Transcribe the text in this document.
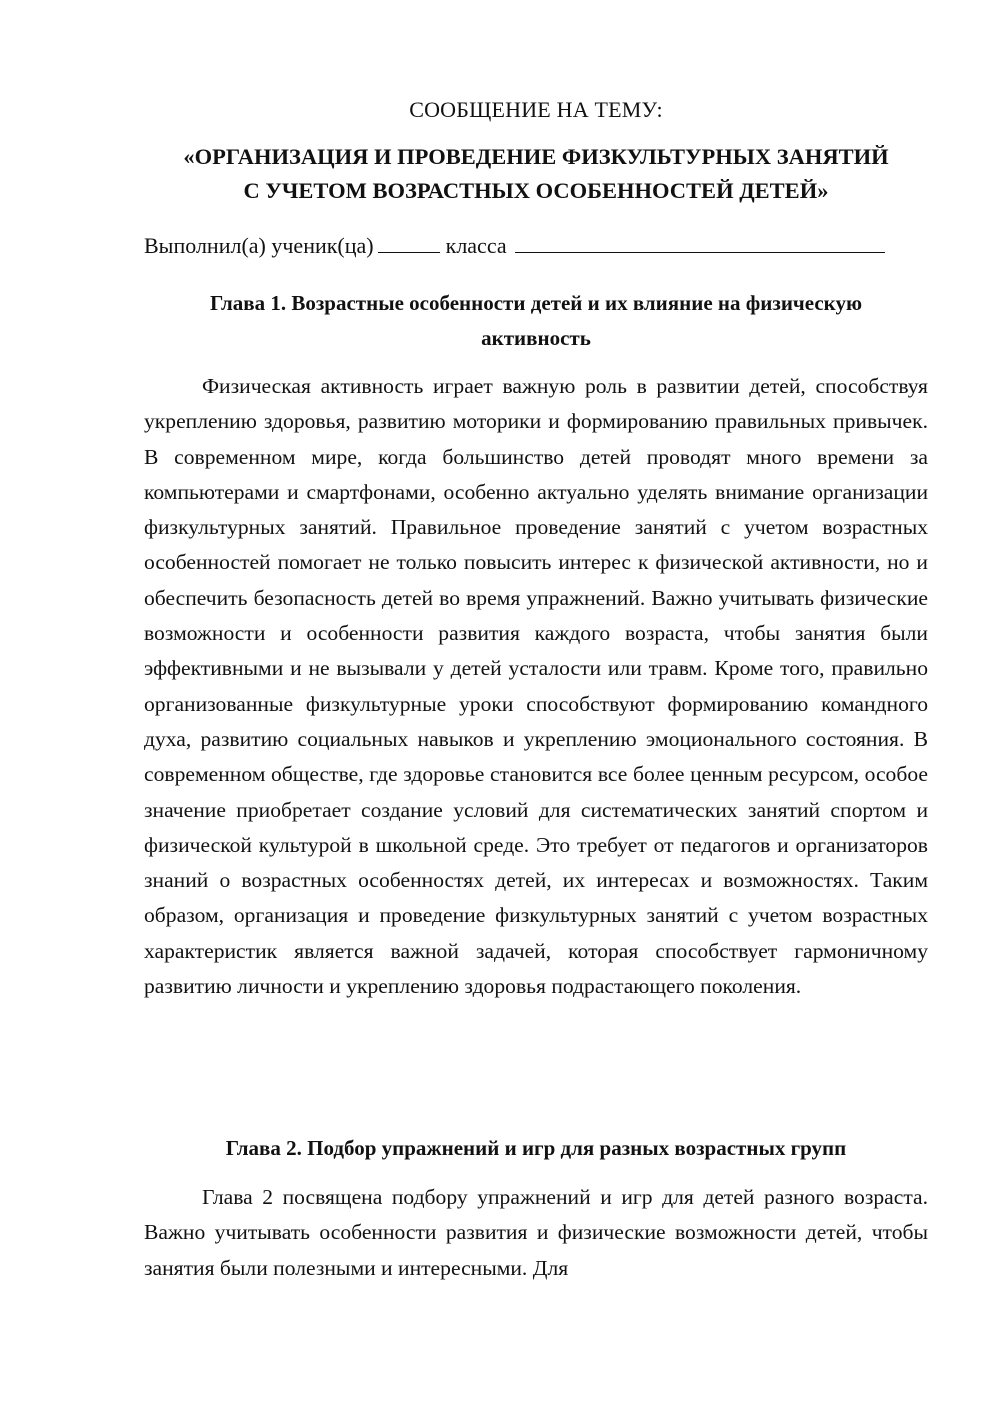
СООБЩЕНИЕ НА ТЕМУ:
«ОРГАНИЗАЦИЯ И ПРОВЕДЕНИЕ ФИЗКУЛЬТУРНЫХ ЗАНЯТИЙ
С УЧЕТОМ ВОЗРАСТНЫХ ОСОБЕННОСТЕЙ ДЕТЕЙ»
Выполнил(а) ученик(ца)	класса
Глава 1. Возрастные особенности детей и их влияние на физическую
активность

Физическая активность играет важную роль в развитии детей, способствуя укреплению здоровья, развитию моторики и формированию правильных привычек. В современном мире, когда большинство детей проводят много времени за компьютерами и смартфонами, особенно актуально уделять внимание организации физкультурных занятий. Правильное проведение занятий с учетом возрастных особенностей помогает не только повысить интерес к физической активности, но и обеспечить безопасность детей во время упражнений. Важно учитывать физические возможности и особенности развития каждого возраста, чтобы занятия были эффективными и не вызывали у детей усталости или травм. Кроме того, правильно организованные физкультурные уроки способствуют формированию командного духа, развитию социальных навыков и укреплению эмоционального состояния. В современном обществе, где здоровье становится все более ценным ресурсом, особое значение приобретает создание условий для систематических занятий спортом и физической культурой в школьной среде. Это требует от педагогов и организаторов знаний о возрастных особенностях детей, их интересах и возможностях. Таким образом, организация и проведение физкультурных занятий с учетом возрастных характеристик является важной задачей, которая способствует гармоничному развитию личности и укреплению здоровья подрастающего поколения.

Глава 2. Подбор упражнений и игр для разных возрастных групп

Глава 2 посвящена подбору упражнений и игр для детей разного возраста. Важно учитывать особенности развития и физические возможности детей, чтобы занятия были полезными и интересными. Для
